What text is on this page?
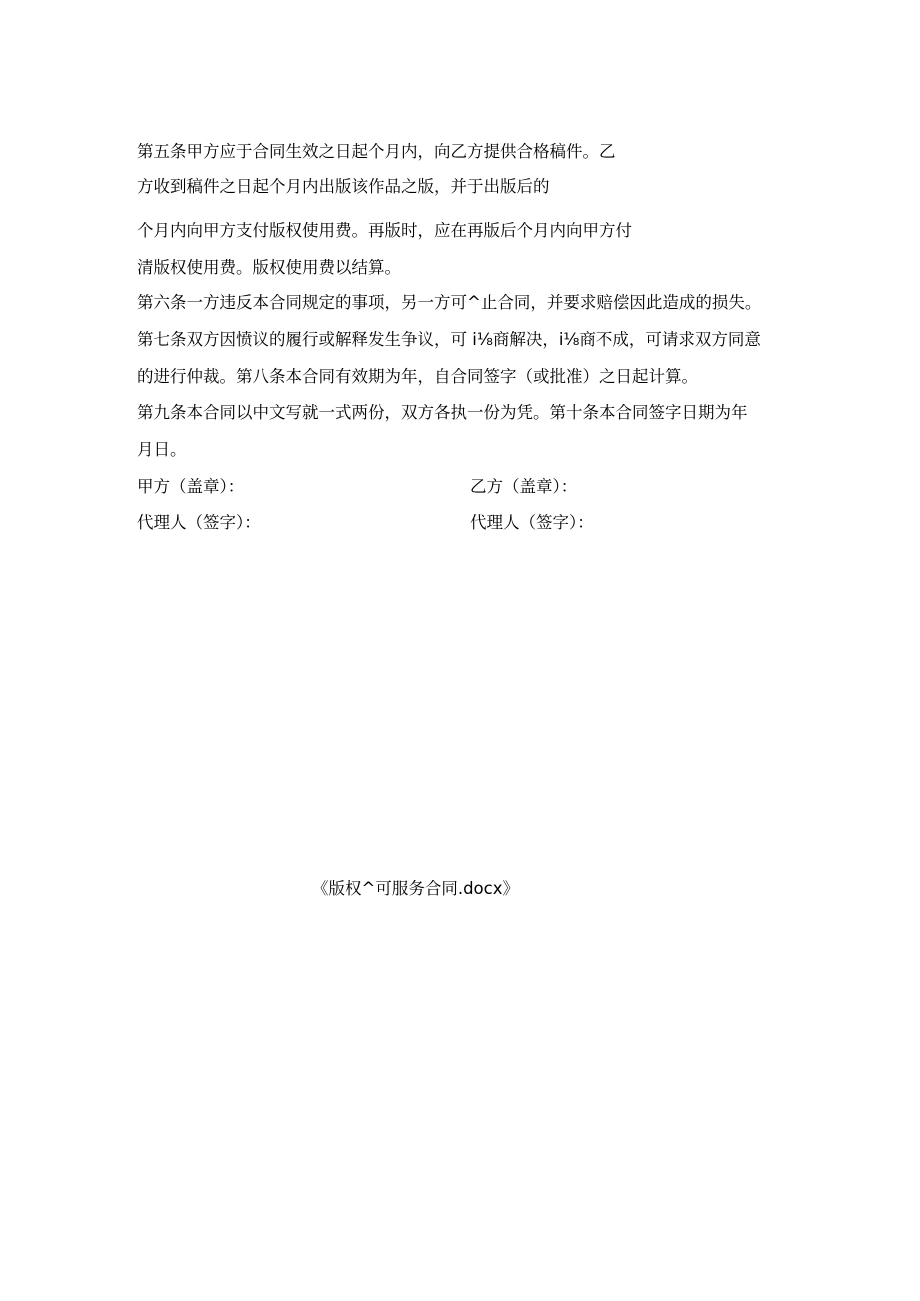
第五条甲方应于合同生效之日起个月内，向乙方提供合格稿件。乙
方收到稿件之日起个月内出版该作品之版，并于出版后的
个月内向甲方支付版权使用费。再版时，应在再版后个月内向甲方付
清版权使用费。版权使用费以结算。
第六条一方违反本合同规定的事项，另一方可^止合同，并要求赔偿因此造成的损失。
第七条双方因愤议的履行或解释发生争议，可 i⅛商解决，i⅛商不成，可请求双方同意
的进行仲裁。第八条本合同有效期为年，自合同签字（或批准）之日起计算。
第九条本合同以中文写就一式两份，双方各执一份为凭。第十条本合同签字日期为年
月日。
甲方（盖章）：	乙方（盖章）：
代理人（签字）：	代理人（签字）：
《版权^可服务合同.docx》
